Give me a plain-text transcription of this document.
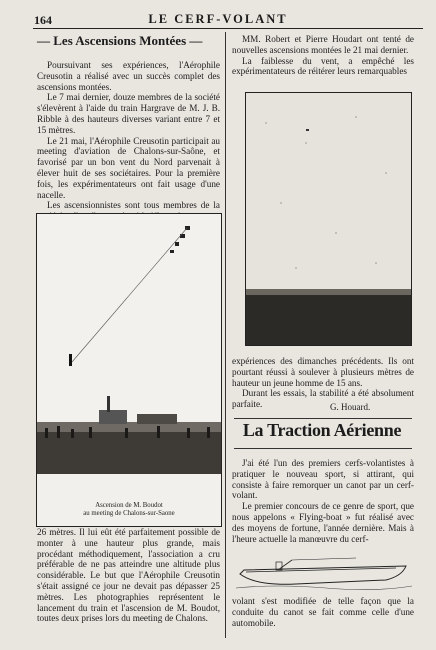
164	LE CERF-VOLANT
— Les Ascensions Montées —

Poursuivant ses expériences, l'Aérophile Creusotin a réalisé avec un succès complet des ascensions montées.

Le 7 mai dernier, douze membres de la société s'élevèrent à l'aide du train Hargrave de M. J. B. Ribble à des hauteurs diverses variant entre 7 et 15 mètres.

Le 21 mai, l'Aérophile Creusotin participait au meeting d'aviation de Chalons-sur-Saône, et favorisé par un bon vent du Nord parvenait à élever huit de ses sociétaires. Pour la première fois, les expérimentateurs ont fait usage d'une nacelle.

Les ascensionnistes sont tous membres de la

Ascension de M. Boudot
au meeting de Chalons-sur-Saone

26 mètres. Il lui eût été parfaitement possible de monter à une hauteur plus grande, mais procédant méthodiquement, l'association a cru préférable de ne pas atteindre une altitude plus considérable. Le but que l'Aérophile Creusotin s'était assigné ce jour ne devait pas dépasser 25 mètres. Les photographies représentent le lancement du train et l'ascension de M. Boudot, toutes deux prises lors du meeting de Chalons.

MM. Robert et Pierre Houdart ont tenté de nouvelles ascensions montées le 21 mai dernier.

La faiblesse du vent, a empêché les expérimentateurs de réitérer leurs remarquables

expériences des dimanches précédents. Ils ont pourtant réussi à soulever à plusieurs mètres de hauteur un jeune homme de 15 ans.

Durant les essais, la stabilité a été absolument parfaite.	G. Houard.
La Traction Aérienne

J'ai été l'un des premiers cerfs-volantistes à pratiquer le nouveau sport, si attirant, qui consiste à faire remorquer un canot par un cerf-volant.

Le premier concours de ce genre de sport, que nous appelons « Flying-boat » fut réalisé avec des moyens de fortune, l'année dernière. Mais à l'heure actuelle la manœuvre du cerf-

volant s'est modifiée de telle façon que la conduite du canot se fait comme celle d'une automobile.
